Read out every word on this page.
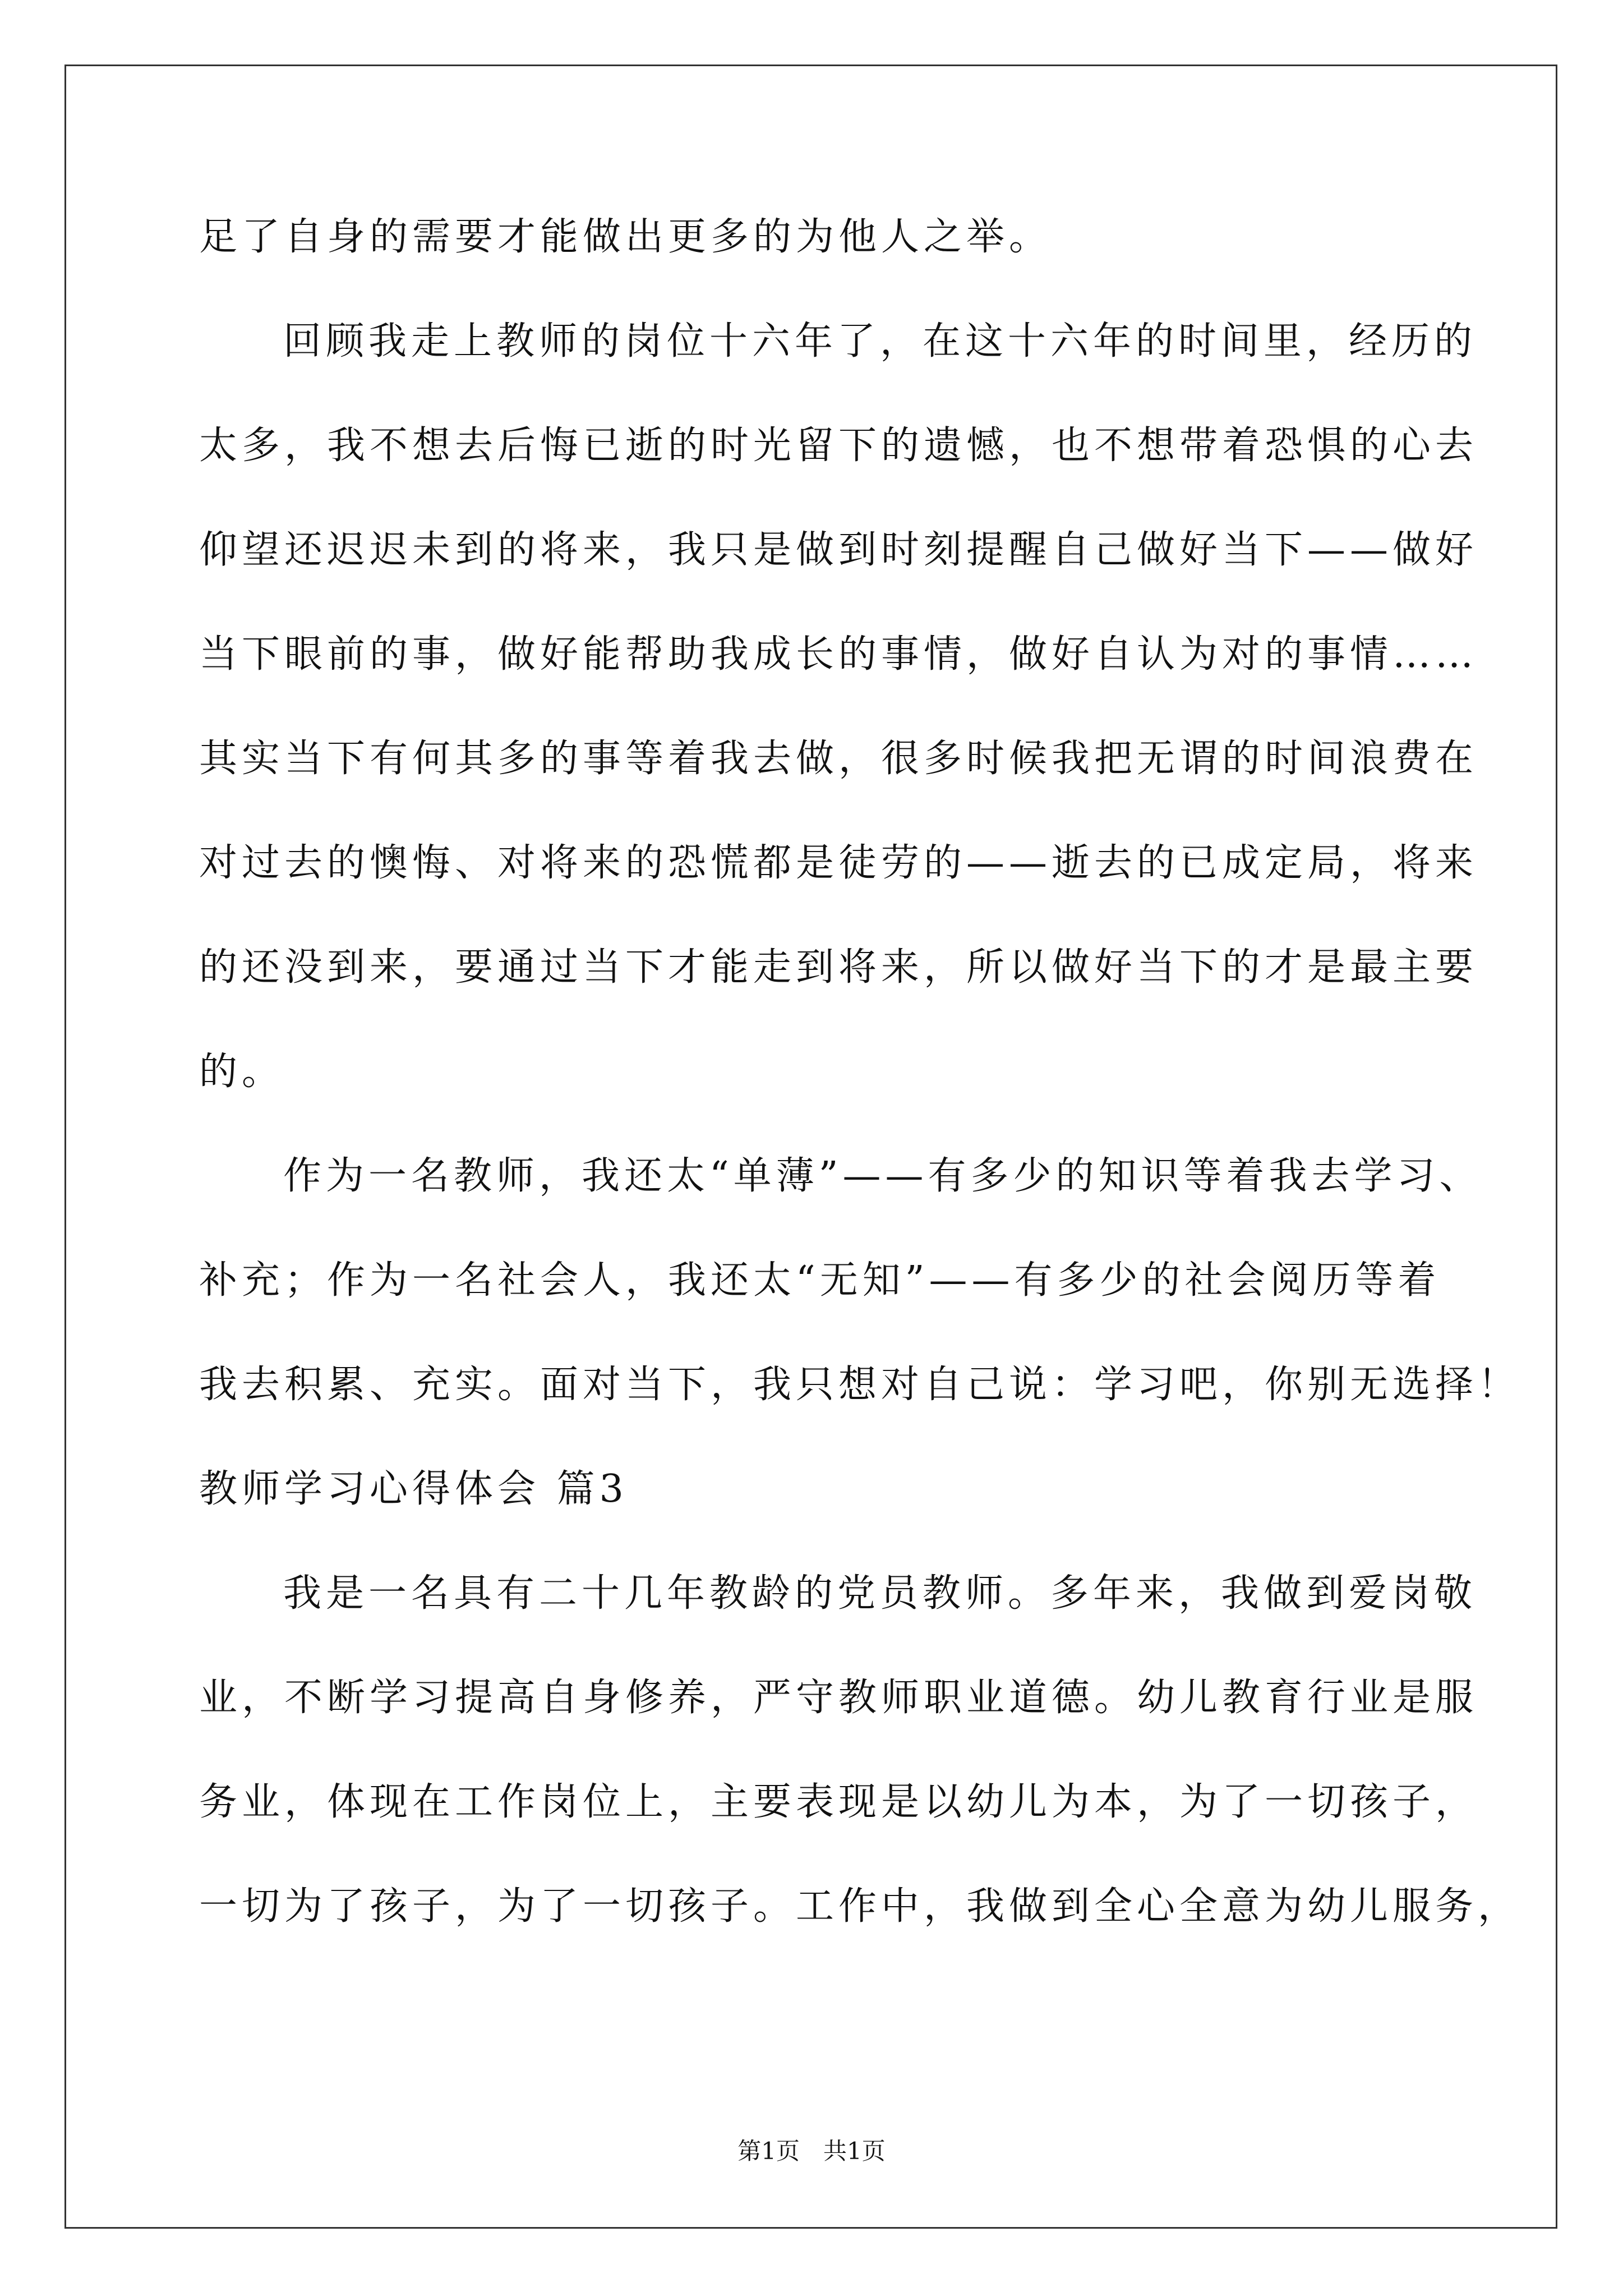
足了自身的需要才能做出更多的为他人之举。
回顾我走上教师的岗位十六年了，在这十六年的时间里，经历的
太多，我不想去后悔已逝的时光留下的遗憾，也不想带着恐惧的心去
仰望还迟迟未到的将来，我只是做到时刻提醒自己做好当下——做好
当下眼前的事，做好能帮助我成长的事情，做好自认为对的事情……
其实当下有何其多的事等着我去做，很多时候我把无谓的时间浪费在
对过去的懊悔、对将来的恐慌都是徒劳的——逝去的已成定局，将来
的还没到来，要通过当下才能走到将来，所以做好当下的才是最主要
的。
作为一名教师，我还太“单薄”——有多少的知识等着我去学习、
补充；作为一名社会人，我还太“无知”——有多少的社会阅历等着
我去积累、充实。面对当下，我只想对自己说：学习吧，你别无选择！
教师学习心得体会 篇3
我是一名具有二十几年教龄的党员教师。多年来，我做到爱岗敬
业，不断学习提高自身修养，严守教师职业道德。幼儿教育行业是服
务业，体现在工作岗位上，主要表现是以幼儿为本，为了一切孩子，
一切为了孩子，为了一切孩子。工作中，我做到全心全意为幼儿服务，
第1页　共1页
